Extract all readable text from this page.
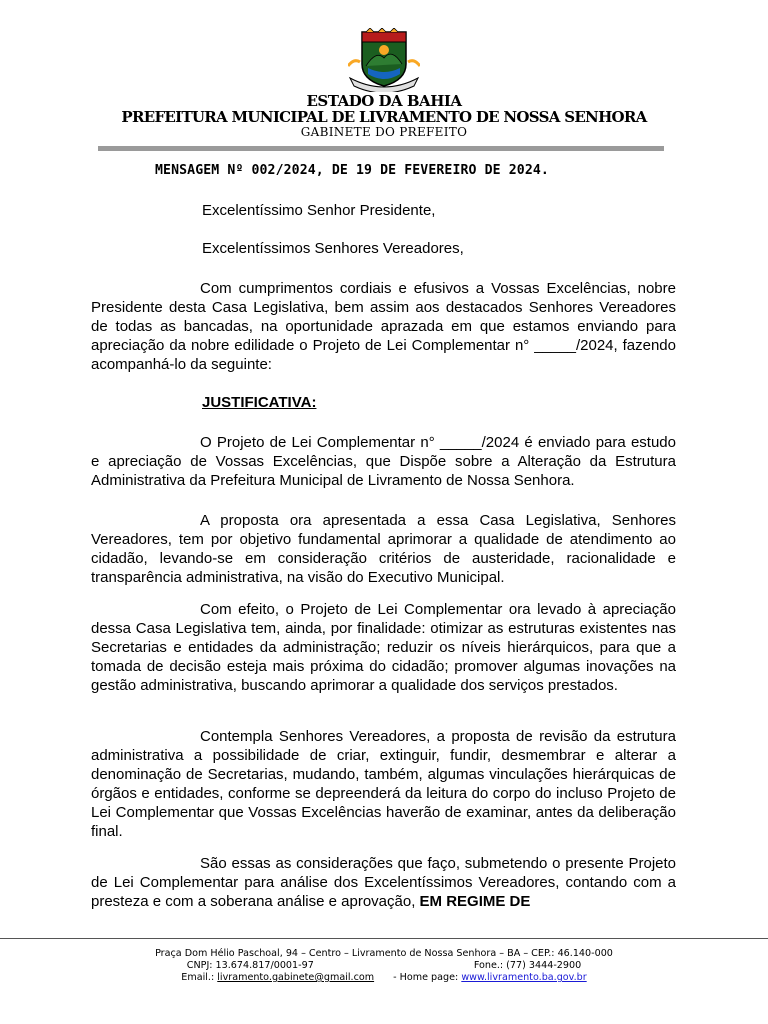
ESTADO DA BAHIA
PREFEITURA MUNICIPAL DE LIVRAMENTO DE NOSSA SENHORA
GABINETE DO PREFEITO
MENSAGEM Nº 002/2024, DE 19 DE FEVEREIRO DE 2024.
Excelentíssimo Senhor Presidente,
Excelentíssimos Senhores Vereadores,
Com cumprimentos cordiais e efusivos a Vossas Excelências, nobre Presidente desta Casa Legislativa, bem assim aos destacados Senhores Vereadores de todas as bancadas, na oportunidade aprazada em que estamos enviando para apreciação da nobre edilidade o Projeto de Lei Complementar n° _____/2024, fazendo acompanhá-lo da seguinte:
JUSTIFICATIVA:
O Projeto de Lei Complementar n° _____/2024 é enviado para estudo e apreciação de Vossas Excelências, que Dispõe sobre a Alteração da Estrutura Administrativa da Prefeitura Municipal de Livramento de Nossa Senhora.
A proposta ora apresentada a essa Casa Legislativa, Senhores Vereadores, tem por objetivo fundamental aprimorar a qualidade de atendimento ao cidadão, levando-se em consideração critérios de austeridade, racionalidade e transparência administrativa, na visão do Executivo Municipal.
Com efeito, o Projeto de Lei Complementar ora levado à apreciação dessa Casa Legislativa tem, ainda, por finalidade: otimizar as estruturas existentes nas Secretarias e entidades da administração; reduzir os níveis hierárquicos, para que a tomada de decisão esteja mais próxima do cidadão; promover algumas inovações na gestão administrativa, buscando aprimorar a qualidade dos serviços prestados.
Contempla Senhores Vereadores, a proposta de revisão da estrutura administrativa a possibilidade de criar, extinguir, fundir, desmembrar e alterar a denominação de Secretarias, mudando, também, algumas vinculações hierárquicas de órgãos e entidades, conforme se depreenderá da leitura do corpo do incluso Projeto de Lei Complementar que Vossas Excelências haverão de examinar, antes da deliberação final.
São essas as considerações que faço, submetendo o presente Projeto de Lei Complementar para análise dos Excelentíssimos Vereadores, contando com a presteza e com a soberana análise e aprovação, EM REGIME DE
Praça Dom Hélio Paschoal, 94 – Centro – Livramento de Nossa Senhora – BA – CEP.: 46.140-000
CNPJ: 13.674.817/0001-97	Fone.: (77) 3444-2900
Email.: livramento.gabinete@gmail.com - Home page: www.livramento.ba.gov.br
